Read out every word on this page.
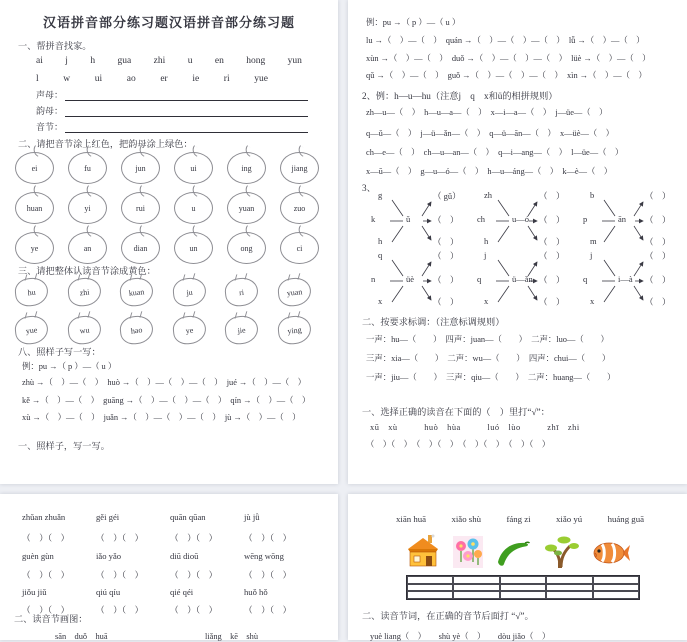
汉语拼音部分练习题汉语拼音部分练习题
一、帮拼音找家。
ai j h gua zhi u en hong yun
l	w	ui	ao	er	ie	ri	yue
声母：
韵母：
音节：
二、请把音节涂上红色，把韵母涂上绿色：
ei	fu	jun	ui	ing	jiang
huan	yi	rui	u	yuan	zuo
ye	an	dian	un	ong	ci
三、请把整体认读音节涂成黄色：
hu	zhi	kuan	ju	ri	yuan
yue	wu	hao	ye	jie	ying
八、照样子写一写：
例：pu →（ p ）—（ u ）
zhù →（　）—（　）　huò →（　）—（　）—（　）　jué →（　）—（　）
kě →（　）—（　）　guāng →（　）—（　）—（　）　qín →（　）—（　）
xù →（　）—（　）　juǎn →（　）—（　）—（　）　jù →（　）—（　）
一、照样子，写一写。
例：pu →（ p ）—（ u ）
lu →（　）—（　）　quán →（　）—（　）—（　）　lǚ →（　）—（　）
xùn →（　）—（　）　duǒ →（　）—（　）—（　）　lüè →（　）—（　）
qǔ →（　）—（　）　guǒ →（　）—（　）—（　）　xìn →（　）—（　）
2、例：h—u—hu（注意j　q　x和ü的相拼规则）
zh—u—（　）　h—u—a—（　）　x—i—a—（　）　j—üe—（　）
q—ǔ—（　）　j—ü—ǎn—（　）　q—ü—ān—（　）　x—üè—（　）
ch—e—（　）　ch—u—an—（　）　q—i—ang—（　）　l—üe—（　）
x—ū—（　）　g—u—ó—（　）　h—u—áng—（　）　k—è—（　）
3、
g
k
h
ǔ
（ gǔ）
（　）
（　）
zh
ch
h
u—ó
（　）
（　）
（　）
b
p
m
ān
（　）
（　）
（　）
q
n
x
üè
（　）
（　）
（　）
j
q
x
ü—ǎn
（　）
（　）
（　）
j
q
x
i—à
（　）
（　）
（　）
二、按要求标调：（注意标调规则）
一声：hu—（　　）　四声：juan—（　　）　二声：luo—（　　）
三声：xia—（　　）　二声：wu—（　　）　四声：chui—（　　）
一声：jiu—（　　）　三声：qiu—（　　）　二声：huang—（　　）
一、选择正确的读音在下面的（　）里打“√”：
xū　xù　　　huò　hùa　　　luó　lùo　　　zhī　zhi
（　）（　）　（　）（　）　（　）（　）　（　）（　）
zhǔan zhuǎn	gěi géi	quān qūan	jù jǜ
（　）（　）	（　）（　）	（　）（　）	（　）（　）
guèn gùn	iǎo yǎo	diū dioū	wēng wōng
（　）（　）	（　）（　）	（　）（　）	（　）（　）
jiǒu jiǔ	qiú qíu	qié qéi	huǒ hǒ
（　）（　）	（　）（　）	（　）（　）	（　）（　）
二、读音节画图：
sān　duǒ　huā	liǎng　kē　shù
xiān huā	xiǎo shù	fáng zi	xiǎo yú	huáng guā
二、读音节词，在正确的音节后面打 “√”。
yuè liang（　）　　shù yè（　）　　dòu jiǎo（　）
